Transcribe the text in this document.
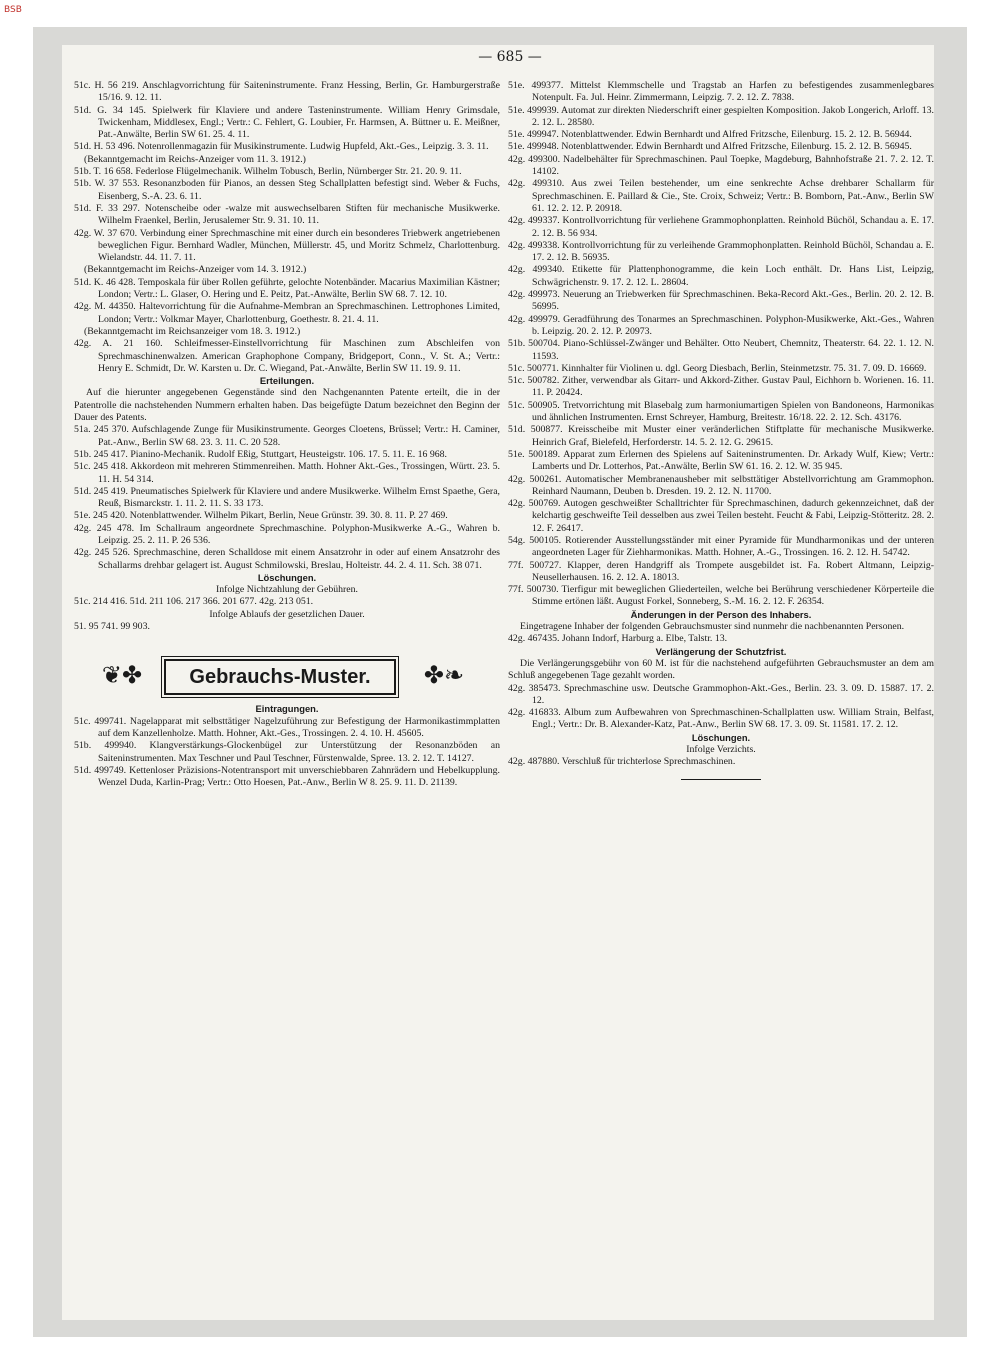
BSB
— 685 —

51c. H. 56 219. Anschlagvorrichtung für Saiteninstrumente. Franz Hessing, Berlin, Gr. Hamburgerstraße 15/16. 9. 12. 11.

51d. G. 34 145. Spielwerk für Klaviere und andere Tasteninstrumente. William Henry Grimsdale, Twickenham, Middlesex, Engl.; Vertr.: C. Fehlert, G. Loubier, Fr. Harmsen, A. Büttner u. E. Meißner, Pat.-Anwälte, Berlin SW 61. 25. 4. 11.

51d. H. 53 496. Notenrollenmagazin für Musikinstrumente. Ludwig Hupfeld, Akt.-Ges., Leipzig. 3. 3. 11.

(Bekanntgemacht im Reichs-Anzeiger vom 11. 3. 1912.)

51b. T. 16 658. Federlose Flügelmechanik. Wilhelm Tobusch, Berlin, Nürnberger Str. 21. 20. 9. 11.

51b. W. 37 553. Resonanzboden für Pianos, an dessen Steg Schallplatten befestigt sind. Weber & Fuchs, Eisenberg, S.-A. 23. 6. 11.

51d. F. 33 297. Notenscheibe oder -walze mit auswechselbaren Stiften für mechanische Musikwerke. Wilhelm Fraenkel, Berlin, Jerusalemer Str. 9. 31. 10. 11.

42g. W. 37 670. Verbindung einer Sprechmaschine mit einer durch ein besonderes Triebwerk angetriebenen beweglichen Figur. Bernhard Wadler, München, Müllerstr. 45, und Moritz Schmelz, Charlottenburg. Wielandstr. 44. 11. 7. 11.

(Bekanntgemacht im Reichs-Anzeiger vom 14. 3. 1912.)

51d. K. 46 428. Temposkala für über Rollen geführte, gelochte Notenbänder. Macarius Maximilian Kästner; London; Vertr.: L. Glaser, O. Hering und E. Peitz, Pat.-Anwälte, Berlin SW 68. 7. 12. 10.

42g. M. 44350. Haltevorrichtung für die Aufnahme-Membran an Sprechmaschinen. Lettrophones Limited, London; Vertr.: Volkmar Mayer, Charlottenburg, Goethestr. 8. 21. 4. 11.

(Bekanntgemacht im Reichsanzeiger vom 18. 3. 1912.)

42g. A. 21 160. Schleifmesser-Einstellvorrichtung für Maschinen zum Abschleifen von Sprechmaschinenwalzen. American Graphophone Company, Bridgeport, Conn., V. St. A.; Vertr.: Henry E. Schmidt, Dr. W. Karsten u. Dr. C. Wiegand, Pat.-Anwälte, Berlin SW 11. 19. 9. 11.

Erteilungen.

Auf die hierunter angegebenen Gegenstände sind den Nachgenannten Patente erteilt, die in der Patentrolle die nachstehenden Nummern erhalten haben. Das beigefügte Datum bezeichnet den Beginn der Dauer des Patents.

51a. 245 370. Aufschlagende Zunge für Musikinstrumente. Georges Cloetens, Brüssel; Vertr.: H. Caminer, Pat.-Anw., Berlin SW 68. 23. 3. 11. C. 20 528.

51b. 245 417. Pianino-Mechanik. Rudolf Eßig, Stuttgart, Heusteigstr. 106. 17. 5. 11. E. 16 968.

51c. 245 418. Akkordeon mit mehreren Stimmenreihen. Matth. Hohner Akt.-Ges., Trossingen, Württ. 23. 5. 11. H. 54 314.

51d. 245 419. Pneumatisches Spielwerk für Klaviere und andere Musikwerke. Wilhelm Ernst Spaethe, Gera, Reuß, Bismarckstr. 1. 11. 2. 11. S. 33 173.

51e. 245 420. Notenblattwender. Wilhelm Pikart, Berlin, Neue Grünstr. 39. 30. 8. 11. P. 27 469.

42g. 245 478. Im Schallraum angeordnete Sprechmaschine. Polyphon-Musikwerke A.-G., Wahren b. Leipzig. 25. 2. 11. P. 26 536.

42g. 245 526. Sprechmaschine, deren Schalldose mit einem Ansatzrohr in oder auf einem Ansatzrohr des Schallarms drehbar gelagert ist. August Schmilowski, Breslau, Holteistr. 44. 2. 4. 11. Sch. 38 071.

Löschungen.

Infolge Nichtzahlung der Gebühren.

51c. 214 416. 51d. 211 106. 217 366. 201 677. 42g. 213 051.

Infolge Ablaufs der gesetzlichen Dauer.

51. 95 741. 99 903.

❦✤	Gebrauchs-Muster.	✤❧

Eintragungen.

51c. 499741. Nagelapparat mit selbsttätiger Nagelzuführung zur Befestigung der Harmonikastimmplatten auf dem Kanzellenholze. Matth. Hohner, Akt.-Ges., Trossingen. 2. 4. 10. H. 45605.

51b. 499940. Klangverstärkungs-Glockenbügel zur Unterstützung der Resonanzböden an Saiteninstrumenten. Max Teschner und Paul Teschner, Fürstenwalde, Spree. 13. 2. 12. T. 14127.

51d. 499749. Kettenloser Präzisions-Notentransport mit unverschiebbaren Zahnrädern und Hebelkupplung. Wenzel Duda, Karlin-Prag; Vertr.: Otto Hoesen, Pat.-Anw., Berlin W 8. 25. 9. 11. D. 21139.

51e. 499377. Mittelst Klemmschelle und Tragstab an Harfen zu befestigendes zusammenlegbares Notenpult. Fa. Jul. Heinr. Zimmermann, Leipzig. 7. 2. 12. Z. 7838.

51e. 499939. Automat zur direkten Niederschrift einer gespielten Komposition. Jakob Longerich, Arloff. 13. 2. 12. L. 28580.

51e. 499947. Notenblattwender. Edwin Bernhardt und Alfred Fritzsche, Eilenburg. 15. 2. 12. B. 56944.

51e. 499948. Notenblattwender. Edwin Bernhardt und Alfred Fritzsche, Eilenburg. 15. 2. 12. B. 56945.

42g. 499300. Nadelbehälter für Sprechmaschinen. Paul Toepke, Magdeburg, Bahnhofstraße 21. 7. 2. 12. T. 14102.

42g. 499310. Aus zwei Teilen bestehender, um eine senkrechte Achse drehbarer Schallarm für Sprechmaschinen. E. Paillard & Cie., Ste. Croix, Schweiz; Vertr.: B. Bomborn, Pat.-Anw., Berlin SW 61. 12. 2. 12. P. 20918.

42g. 499337. Kontrollvorrichtung für verliehene Grammophonplatten. Reinhold Büchöl, Schandau a. E. 17. 2. 12. B. 56 934.

42g. 499338. Kontrollvorrichtung für zu verleihende Grammophonplatten. Reinhold Büchöl, Schandau a. E. 17. 2. 12. B. 56935.

42g. 499340. Etikette für Plattenphonogramme, die kein Loch enthält. Dr. Hans List, Leipzig, Schwägrichenstr. 9. 17. 2. 12. L. 28604.

42g. 499973. Neuerung an Triebwerken für Sprechmaschinen. Beka-Record Akt.-Ges., Berlin. 20. 2. 12. B. 56995.

42g. 499979. Geradführung des Tonarmes an Sprechmaschinen. Polyphon-Musikwerke, Akt.-Ges., Wahren b. Leipzig. 20. 2. 12. P. 20973.

51b. 500704. Piano-Schlüssel-Zwänger und Behälter. Otto Neubert, Chemnitz, Theaterstr. 64. 22. 1. 12. N. 11593.

51c. 500771. Kinnhalter für Violinen u. dgl. Georg Diesbach, Berlin, Steinmetzstr. 75. 31. 7. 09. D. 16669.

51c. 500782. Zither, verwendbar als Gitarr- und Akkord-Zither. Gustav Paul, Eichhorn b. Worienen. 16. 11. 11. P. 20424.

51c. 500905. Tretvorrichtung mit Blasebalg zum harmoniumartigen Spielen von Bandoneons, Harmonikas und ähnlichen Instrumenten. Ernst Schreyer, Hamburg, Breitestr. 16/18. 22. 2. 12. Sch. 43176.

51d. 500877. Kreisscheibe mit Muster einer veränderlichen Stiftplatte für mechanische Musikwerke. Heinrich Graf, Bielefeld, Herforderstr. 14. 5. 2. 12. G. 29615.

51e. 500189. Apparat zum Erlernen des Spielens auf Saiteninstrumenten. Dr. Arkady Wulf, Kiew; Vertr.: Lamberts und Dr. Lotterhos, Pat.-Anwälte, Berlin SW 61. 16. 2. 12. W. 35 945.

42g. 500261. Automatischer Membranenausheber mit selbsttätiger Abstellvorrichtung am Grammophon. Reinhard Naumann, Deuben b. Dresden. 19. 2. 12. N. 11700.

42g. 500769. Autogen geschweißter Schalltrichter für Sprechmaschinen, dadurch gekennzeichnet, daß der kelchartig geschweifte Teil desselben aus zwei Teilen besteht. Feucht & Fabi, Leipzig-Stötteritz. 28. 2. 12. F. 26417.

54g. 500105. Rotierender Ausstellungsständer mit einer Pyramide für Mundharmonikas und der unteren angeordneten Lager für Ziehharmonikas. Matth. Hohner, A.-G., Trossingen. 16. 2. 12. H. 54742.

77f. 500727. Klapper, deren Handgriff als Trompete ausgebildet ist. Fa. Robert Altmann, Leipzig-Neusellerhausen. 16. 2. 12. A. 18013.

77f. 500730. Tierfigur mit beweglichen Gliederteilen, welche bei Berührung verschiedener Körperteile die Stimme ertönen läßt. August Forkel, Sonneberg, S.-M. 16. 2. 12. F. 26354.

Änderungen in der Person des Inhabers.

Eingetragene Inhaber der folgenden Gebrauchsmuster sind nunmehr die nachbenannten Personen.

42g. 467435. Johann Indorf, Harburg a. Elbe, Talstr. 13.

Verlängerung der Schutzfrist.

Die Verlängerungsgebühr von 60 M. ist für die nachstehend aufgeführten Gebrauchsmuster an dem am Schluß angegebenen Tage gezahlt worden.

42g. 385473. Sprechmaschine usw. Deutsche Grammophon-Akt.-Ges., Berlin. 23. 3. 09. D. 15887. 17. 2. 12.

42g. 416833. Album zum Aufbewahren von Sprechmaschinen-Schallplatten usw. William Strain, Belfast, Engl.; Vertr.: Dr. B. Alexander-Katz, Pat.-Anw., Berlin SW 68. 17. 3. 09. St. 11581. 17. 2. 12.

Löschungen.

Infolge Verzichts.

42g. 487880. Verschluß für trichterlose Sprechmaschinen.
